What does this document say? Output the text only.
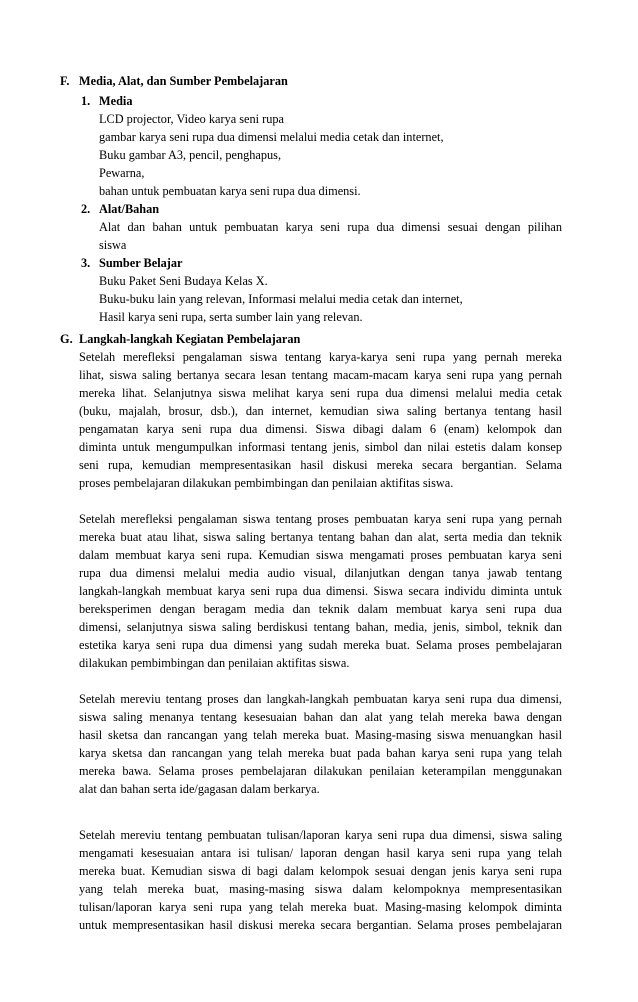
F. Media, Alat, dan Sumber Pembelajaran
1. Media
LCD projector, Video karya seni rupa
gambar karya seni rupa dua dimensi melalui media cetak dan internet,
Buku gambar A3, pencil, penghapus,
Pewarna,
bahan untuk pembuatan karya seni rupa dua dimensi.
2. Alat/Bahan
Alat dan bahan untuk pembuatan karya seni rupa dua dimensi sesuai dengan pilihan
siswa
3. Sumber Belajar
Buku Paket Seni Budaya Kelas X.
Buku-buku lain yang relevan, Informasi melalui media cetak dan internet,
Hasil karya seni rupa, serta sumber lain yang relevan.
G. Langkah-langkah Kegiatan Pembelajaran
Setelah merefleksi pengalaman siswa tentang karya-karya seni rupa yang pernah mereka
lihat, siswa saling bertanya secara lesan tentang macam-macam karya seni rupa yang pernah
mereka lihat. Selanjutnya siswa melihat karya seni rupa dua dimensi melalui media cetak
(buku, majalah, brosur, dsb.), dan internet, kemudian siwa saling bertanya tentang hasil
pengamatan karya seni rupa dua dimensi. Siswa dibagi dalam 6 (enam) kelompok dan
diminta untuk mengumpulkan informasi tentang jenis, simbol dan nilai estetis dalam konsep
seni rupa, kemudian mempresentasikan hasil diskusi mereka secara bergantian. Selama
proses pembelajaran dilakukan pembimbingan dan penilaian aktifitas siswa.
Setelah merefleksi pengalaman siswa tentang proses pembuatan karya seni rupa yang pernah
mereka buat atau lihat, siswa saling bertanya tentang bahan dan alat, serta media dan teknik
dalam membuat karya seni rupa. Kemudian siswa mengamati proses pembuatan karya seni
rupa dua dimensi melalui media audio visual, dilanjutkan dengan tanya jawab tentang
langkah-langkah membuat karya seni rupa dua dimensi. Siswa secara individu diminta untuk
bereksperimen dengan beragam media dan teknik dalam membuat karya seni rupa dua
dimensi, selanjutnya siswa saling berdiskusi tentang bahan, media, jenis, simbol, teknik dan
estetika karya seni rupa dua dimensi yang sudah mereka buat. Selama proses pembelajaran
dilakukan pembimbingan dan penilaian aktifitas siswa.
Setelah mereviu tentang proses dan langkah-langkah pembuatan karya seni rupa dua dimensi,
siswa saling menanya tentang kesesuaian bahan dan alat yang telah mereka bawa dengan
hasil sketsa dan rancangan yang telah mereka buat. Masing-masing siswa menuangkan hasil
karya sketsa dan rancangan yang telah mereka buat pada bahan karya seni rupa yang telah
mereka bawa. Selama proses pembelajaran dilakukan penilaian keterampilan menggunakan
alat dan bahan serta ide/gagasan dalam berkarya.
Setelah mereviu tentang pembuatan tulisan/laporan karya seni rupa dua dimensi, siswa saling
mengamati kesesuaian antara isi tulisan/ laporan dengan hasil karya seni rupa yang telah
mereka buat. Kemudian siswa di bagi dalam kelompok sesuai dengan jenis karya seni rupa
yang telah mereka buat, masing-masing siswa dalam kelompoknya mempresentasikan
tulisan/laporan karya seni rupa yang telah mereka buat. Masing-masing kelompok diminta
untuk mempresentasikan hasil diskusi mereka secara bergantian. Selama proses pembelajaran
